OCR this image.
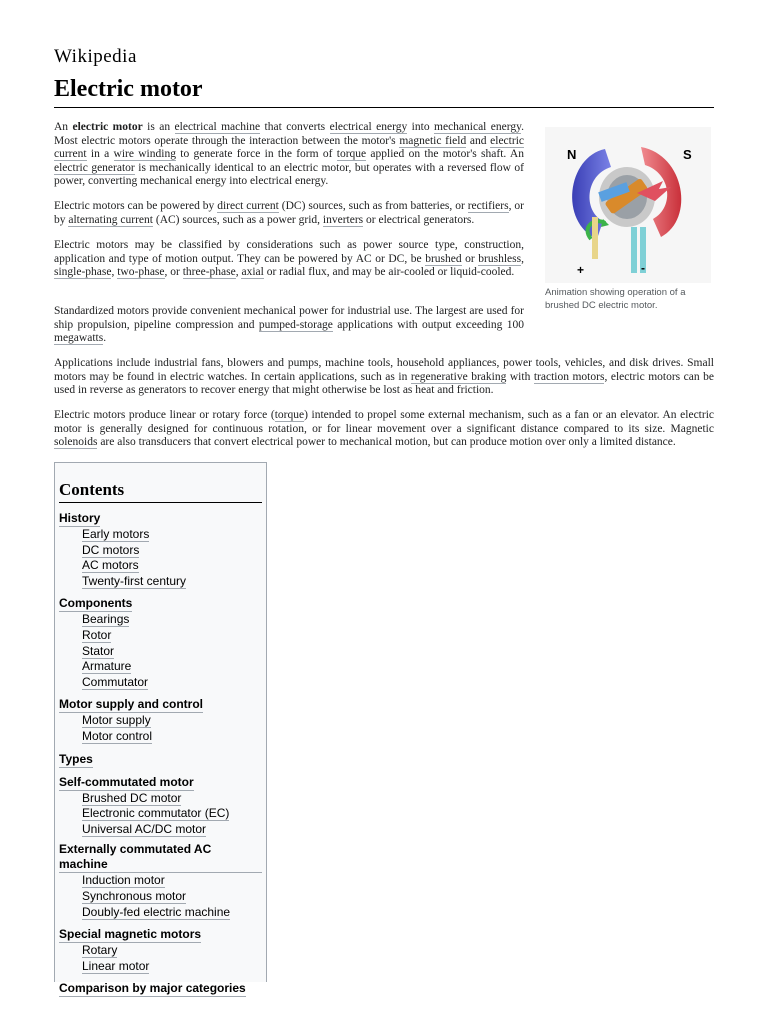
Wikipedia
Electric motor

An electric motor is an electrical machine that converts electrical energy into mechanical energy. Most electric motors operate through the interaction between the motor's magnetic field and electric current in a wire winding to generate force in the form of torque applied on the motor's shaft. An electric generator is mechanically identical to an electric motor, but operates with a reversed flow of power, converting mechanical energy into electrical energy.

Electric motors can be powered by direct current (DC) sources, such as from batteries, or rectifiers, or by alternating current (AC) sources, such as a power grid, inverters or electrical generators.

Electric motors may be classified by considerations such as power source type, construction, application and type of motion output. They can be powered by AC or DC, be brushed or brushless, single-phase, two-phase, or three-phase, axial or radial flux, and may be air-cooled or liquid-cooled.

Standardized motors provide convenient mechanical power for industrial use. The largest are used for ship propulsion, pipeline compression and pumped-storage applications with output exceeding 100 megawatts.

Applications include industrial fans, blowers and pumps, machine tools, household appliances, power tools, vehicles, and disk drives. Small motors may be found in electric watches. In certain applications, such as in regenerative braking with traction motors, electric motors can be used in reverse as generators to recover energy that might otherwise be lost as heat and friction.

Electric motors produce linear or rotary force (torque) intended to propel some external mechanism, such as a fan or an elevator. An electric motor is generally designed for continuous rotation, or for linear movement over a significant distance compared to its size. Magnetic solenoids are also transducers that convert electrical power to mechanical motion, but can produce motion over only a limited distance.

N	S
+	-
Animation showing operation of a brushed DC electric motor.
Contents
History
Early motors
DC motors
AC motors
Twenty-first century
Components
Bearings
Rotor
Stator
Armature
Commutator
Motor supply and control
Motor supply
Motor control
Types
Self-commutated motor
Brushed DC motor
Electronic commutator (EC)
Universal AC/DC motor
Externally commutated AC machine
Induction motor
Synchronous motor
Doubly-fed electric machine
Special magnetic motors
Rotary
Linear motor
Comparison by major categories
